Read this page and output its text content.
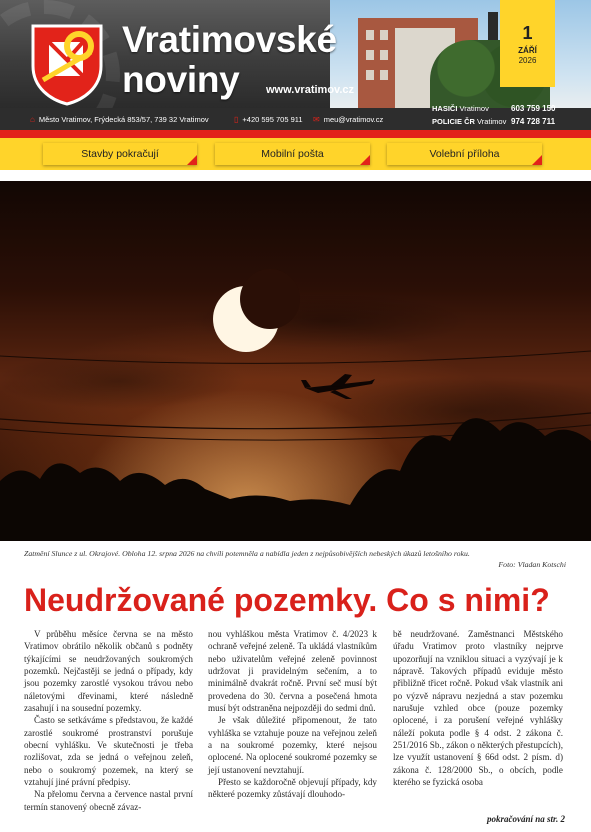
Vratimovské
noviny	www.vratimov.cz
1
ZÁŘÍ
2026
⌂ Město Vratimov, Frýdecká 853/57, 739 32 Vratimov	▯ +420 595 705 911 ✉ meu@vratimov.cz
HASIČI Vratimov	603 759 150
POLICIE ČR Vratimov 974 728 711
Stavby pokračují	Mobilní pošta	Volební příloha
Zatmění Slunce z ul. Okrajové. Obloha 12. srpna 2026 na chvíli potemněla a nabídla jeden z nejpůsobivějších nebeských úkazů letošního roku.
Foto: Vladan Kotschi
Neudržované pozemky. Co s nimi?

V průběhu měsíce června se na město Vratimov obrátilo několik občanů s podněty týkajícími se neudržovaných soukromých pozemků. Nejčastěji se jedná o případy, kdy jsou pozemky zarostlé vysokou trávou nebo náletovými dřevinami, které následně zasahují i na sousední pozemky.

Často se setkáváme s představou, že každé zarostlé soukromé prostranství porušuje obecní vyhlášku. Ve skutečnosti je třeba rozlišovat, zda se jedná o veřejnou zeleň, nebo o soukromý pozemek, na který se vztahují jiné právní předpisy.

Na přelomu června a července nastal první termín stanovený obecně závaz-

nou vyhláškou města Vratimov č. 4/2023 k ochraně veřejné zeleně. Ta ukládá vlastníkům nebo uživatelům veřejné zeleně povinnost udržovat ji pravidelným sečením, a to minimálně dvakrát ročně. První seč musí být provedena do 30. června a posečená hmota musí být odstraněna nejpozději do sedmi dnů.

Je však důležité připomenout, že tato vyhláška se vztahuje pouze na veřejnou zeleň a na soukromé pozemky, které nejsou oplocené. Na oplocené soukromé pozemky se její ustanovení nevztahují.

Přesto se každoročně objevují případy, kdy některé pozemky zůstávají dlouhodo-

bě neudržované. Zaměstnanci Městského úřadu Vratimov proto vlastníky nejprve upozorňují na vzniklou situaci a vyzývají je k nápravě. Takových případů eviduje město přibližně třicet ročně. Pokud však vlastník ani po výzvě nápravu nezjedná a stav pozemku narušuje vzhled obce (pouze pozemky oplocené, i za porušení veřejné vyhlášky náleží pokuta podle § 4 odst. 2 zákona č. 251/2016 Sb., zákon o některých přestupcích), lze využít ustanovení § 66d odst. 2 písm. d) zákona č. 128/2000 Sb., o obcích, podle kterého se fyzická osoba

pokračování na str. 2
